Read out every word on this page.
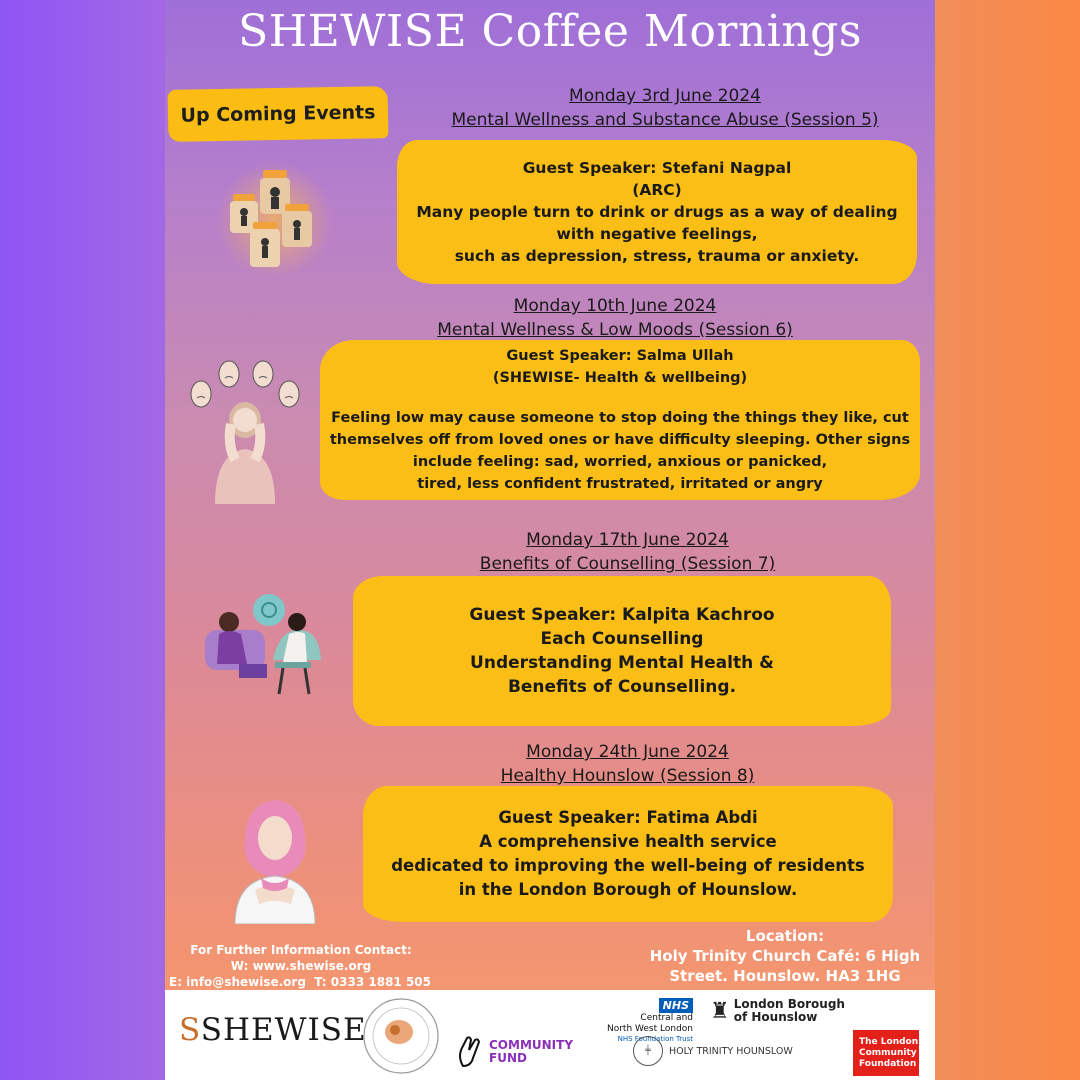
SHEWISE Coffee Mornings
Up Coming Events
Monday 3rd June 2024
Mental Wellness and Substance Abuse (Session 5)
Guest Speaker: Stefani Nagpal
(ARC)
Many people turn to drink or drugs as a way of dealing
with negative feelings,
such as depression, stress, trauma or anxiety.
Monday 10th June 2024
Mental Wellness & Low Moods (Session 6)
Guest Speaker: Salma Ullah
(SHEWISE- Health & wellbeing)
Feeling low may cause someone to stop doing the things they like, cut
themselves off from loved ones or have difficulty sleeping. Other signs
include feeling: sad, worried, anxious or panicked,
tired, less confident frustrated, irritated or angry
Monday 17th June 2024
Benefits of Counselling (Session 7)
Guest Speaker: Kalpita Kachroo
Each Counselling
Understanding Mental Health &
Benefits of Counselling.
Monday 24th June 2024
Healthy Hounslow (Session 8)
Guest Speaker: Fatima Abdi
A comprehensive health service
dedicated to improving the well-being of residents
in the London Borough of Hounslow.
For Further Information Contact:
W: www.shewise.org
E: info@shewise.org T: 0333 1881 505
Location:
Holy Trinity Church Café: 6 High
Street. Hounslow. HA3 1HG
SSHEWISE	COMMUNITY
FUND
NHS
Central and
North West London
NHS Foundation Trust
╪	HOLY TRINITY HOUNSLOW
♜ London Borough
of Hounslow
The London
Community
Foundation
